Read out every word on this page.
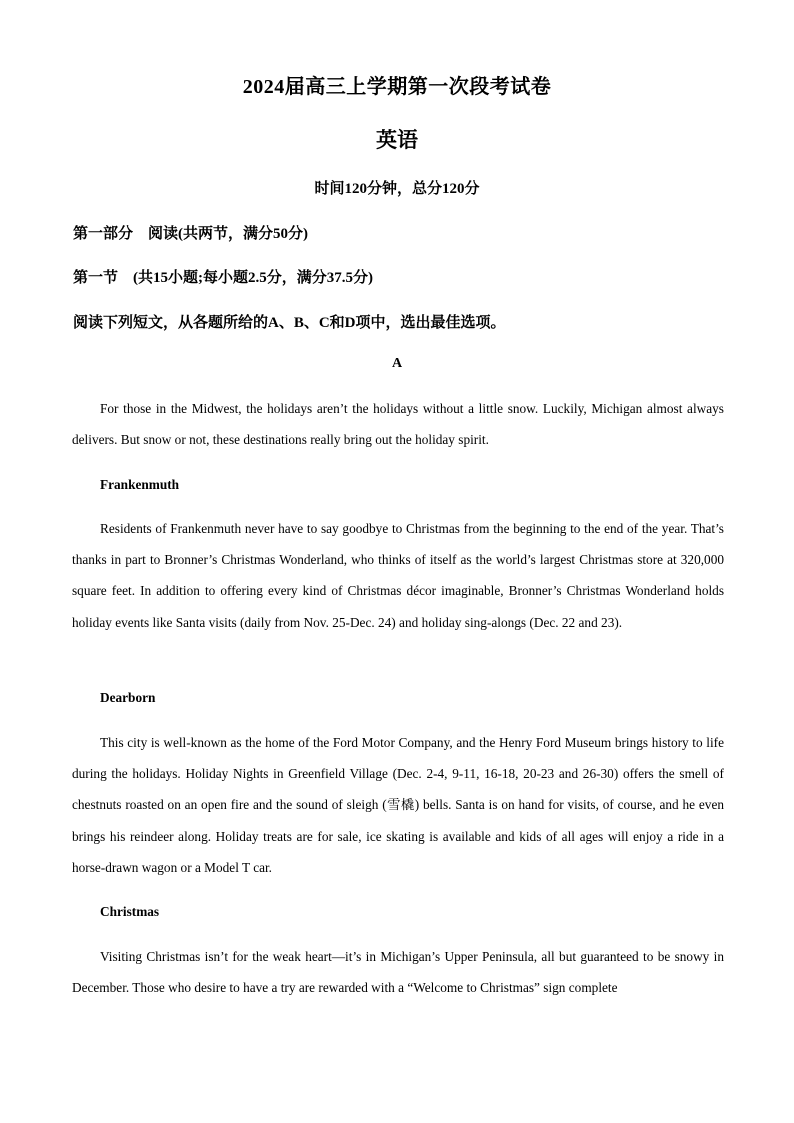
2024届高三上学期第一次段考试卷
英语
时间120分钟，总分120分
第一部分　阅读(共两节，满分50分)
第一节　(共15小题;每小题2.5分，满分37.5分)
阅读下列短文，从各题所给的A、B、C和D项中，选出最佳选项。
A
For those in the Midwest, the holidays aren’t the holidays without a little snow. Luckily, Michigan almost always delivers. But snow or not, these destinations really bring out the holiday spirit.
Frankenmuth
Residents of Frankenmuth never have to say goodbye to Christmas from the beginning to the end of the year. That’s thanks in part to Bronner’s Christmas Wonderland, who thinks of itself as the world’s largest Christmas store at 320,000 square feet. In addition to offering every kind of Christmas décor imaginable, Bronner’s Christmas Wonderland holds holiday events like Santa visits (daily from Nov. 25-Dec. 24) and holiday sing-alongs (Dec. 22 and 23).
Dearborn
This city is well-known as the home of the Ford Motor Company, and the Henry Ford Museum brings history to life during the holidays. Holiday Nights in Greenfield Village (Dec. 2-4, 9-11, 16-18, 20-23 and 26-30) offers the smell of chestnuts roasted on an open fire and the sound of sleigh (雪橇) bells. Santa is on hand for visits, of course, and he even brings his reindeer along. Holiday treats are for sale, ice skating is available and kids of all ages will enjoy a ride in a horse-drawn wagon or a Model T car.
Christmas
Visiting Christmas isn’t for the weak heart—it’s in Michigan’s Upper Peninsula, all but guaranteed to be snowy in December. Those who desire to have a try are rewarded with a “Welcome to Christmas” sign complete
